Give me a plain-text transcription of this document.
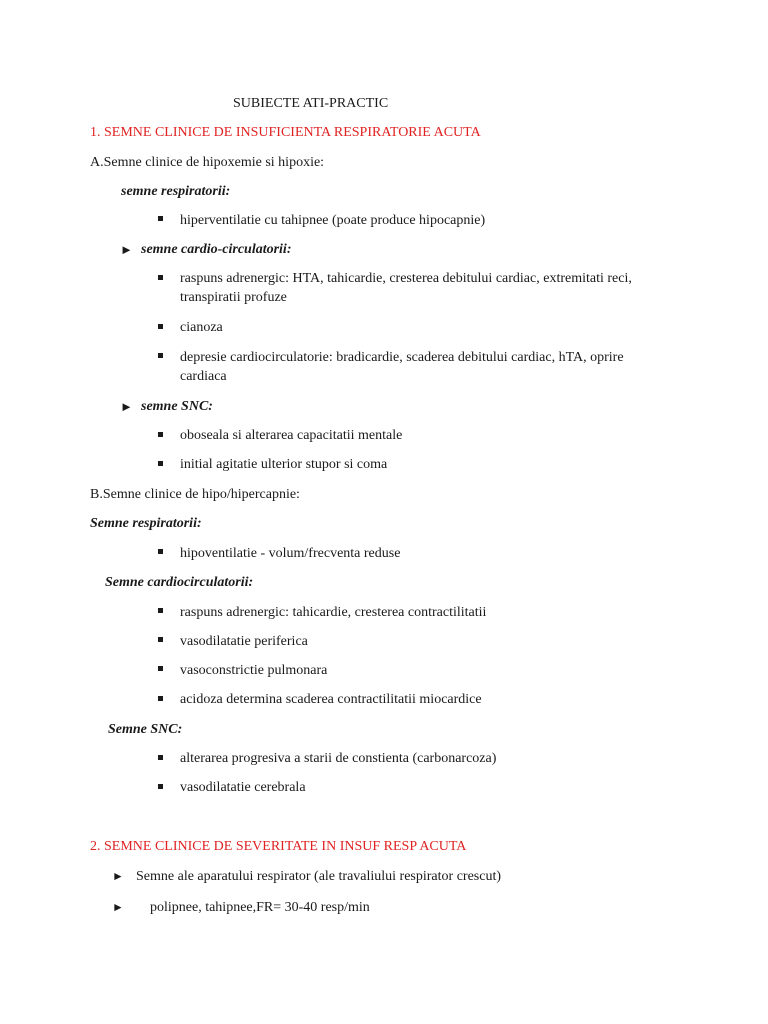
SUBIECTE ATI-PRACTIC
1. SEMNE CLINICE DE INSUFICIENTA RESPIRATORIE ACUTA
A.Semne clinice de hipoxemie si hipoxie:
semne respiratorii:
hiperventilatie cu tahipnee (poate produce hipocapnie)
► semne cardio-circulatorii:
raspuns adrenergic: HTA, tahicardie, cresterea debitului cardiac, extremitati reci, transpiratii profuze
cianoza
depresie cardiocirculatorie: bradicardie, scaderea debitului cardiac, hTA, oprire cardiaca
► semne SNC:
oboseala si alterarea capacitatii mentale
initial agitatie ulterior stupor si coma
B.Semne clinice de hipo/hipercapnie:
Semne respiratorii:
hipoventilatie - volum/frecventa reduse
Semne cardiocirculatorii:
raspuns adrenergic: tahicardie, cresterea contractilitatii
vasodilatatie periferica
vasoconstrictie pulmonara
acidoza determina scaderea contractilitatii miocardice
Semne SNC:
alterarea progresiva a starii de constienta (carbonarcoza)
vasodilatatie cerebrala
2. SEMNE CLINICE DE SEVERITATE IN INSUF RESP ACUTA
► Semne ale aparatului respirator (ale travaliului respirator crescut)
► polipnee, tahipnee,FR= 30-40 resp/min
